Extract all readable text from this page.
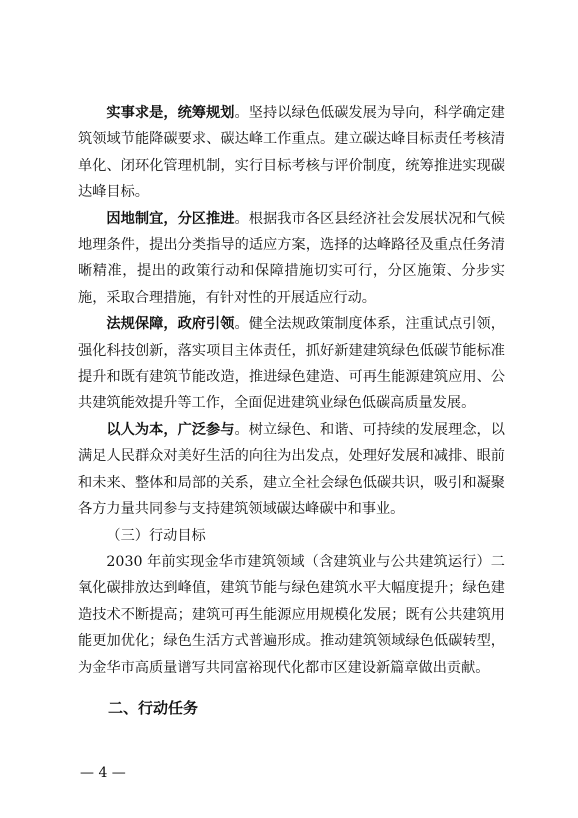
实事求是，统筹规划。坚持以绿色低碳发展为导向，科学确定建筑领域节能降碳要求、碳达峰工作重点。建立碳达峰目标责任考核清单化、闭环化管理机制，实行目标考核与评价制度，统筹推进实现碳达峰目标。

因地制宜，分区推进。根据我市各区县经济社会发展状况和气候地理条件，提出分类指导的适应方案，选择的达峰路径及重点任务清晰精准，提出的政策行动和保障措施切实可行，分区施策、分步实施，采取合理措施，有针对性的开展适应行动。

法规保障，政府引领。健全法规政策制度体系，注重试点引领，强化科技创新，落实项目主体责任，抓好新建建筑绿色低碳节能标准提升和既有建筑节能改造，推进绿色建造、可再生能源建筑应用、公共建筑能效提升等工作，全面促进建筑业绿色低碳高质量发展。

以人为本，广泛参与。树立绿色、和谐、可持续的发展理念，以满足人民群众对美好生活的向往为出发点，处理好发展和减排、眼前和未来、整体和局部的关系，建立全社会绿色低碳共识，吸引和凝聚各方力量共同参与支持建筑领域碳达峰碳中和事业。

（三）行动目标

2030 年前实现金华市建筑领域（含建筑业与公共建筑运行）二氧化碳排放达到峰值，建筑节能与绿色建筑水平大幅度提升；绿色建造技术不断提高；建筑可再生能源应用规模化发展；既有公共建筑用能更加优化；绿色生活方式普遍形成。推动建筑领域绿色低碳转型，为金华市高质量谱写共同富裕现代化都市区建设新篇章做出贡献。

二、行动任务

— 4 —
